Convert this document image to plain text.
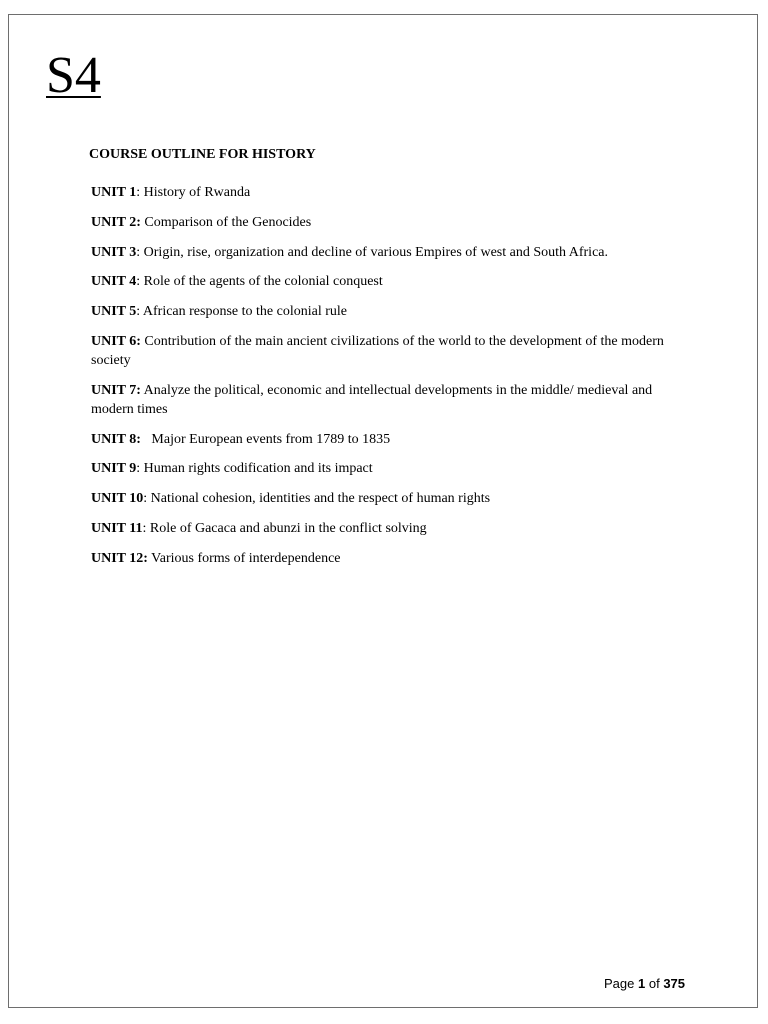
S4
COURSE OUTLINE FOR HISTORY
UNIT 1: History of Rwanda
UNIT 2: Comparison of the Genocides
UNIT 3: Origin, rise, organization and decline of various Empires of west and South Africa.
UNIT 4: Role of the agents of the colonial conquest
UNIT 5: African response to the colonial rule
UNIT 6: Contribution of the main ancient civilizations of the world to the development of the modern society
UNIT 7: Analyze the political, economic and intellectual developments in the middle/ medieval and modern times
UNIT 8: Major European events from 1789 to 1835
UNIT 9: Human rights codification and its impact
UNIT 10: National cohesion, identities and the respect of human rights
UNIT 11: Role of Gacaca and abunzi in the conflict solving
UNIT 12: Various forms of interdependence

Page 1 of 375
